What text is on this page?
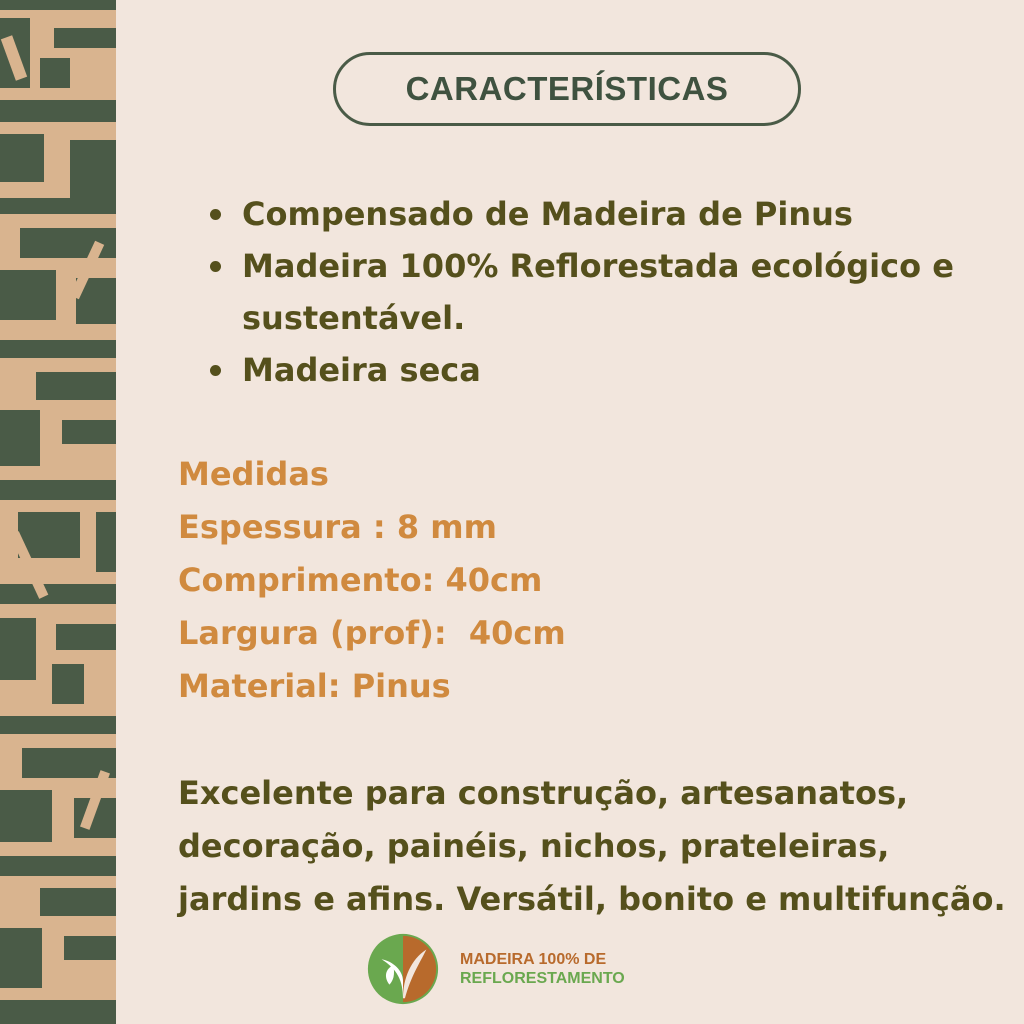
CARACTERÍSTICAS
Compensado de Madeira de Pinus
Madeira 100% Reflorestada ecológico e sustentável.
Madeira seca
Medidas
Espessura : 8 mm
Comprimento: 40cm
Largura (prof):  40cm
Material: Pinus
Excelente para construção, artesanatos, decoração, painéis, nichos, prateleiras, jardins e afins. Versátil, bonito e multifunção.
MADEIRA 100% DE
REFLORESTAMENTO
